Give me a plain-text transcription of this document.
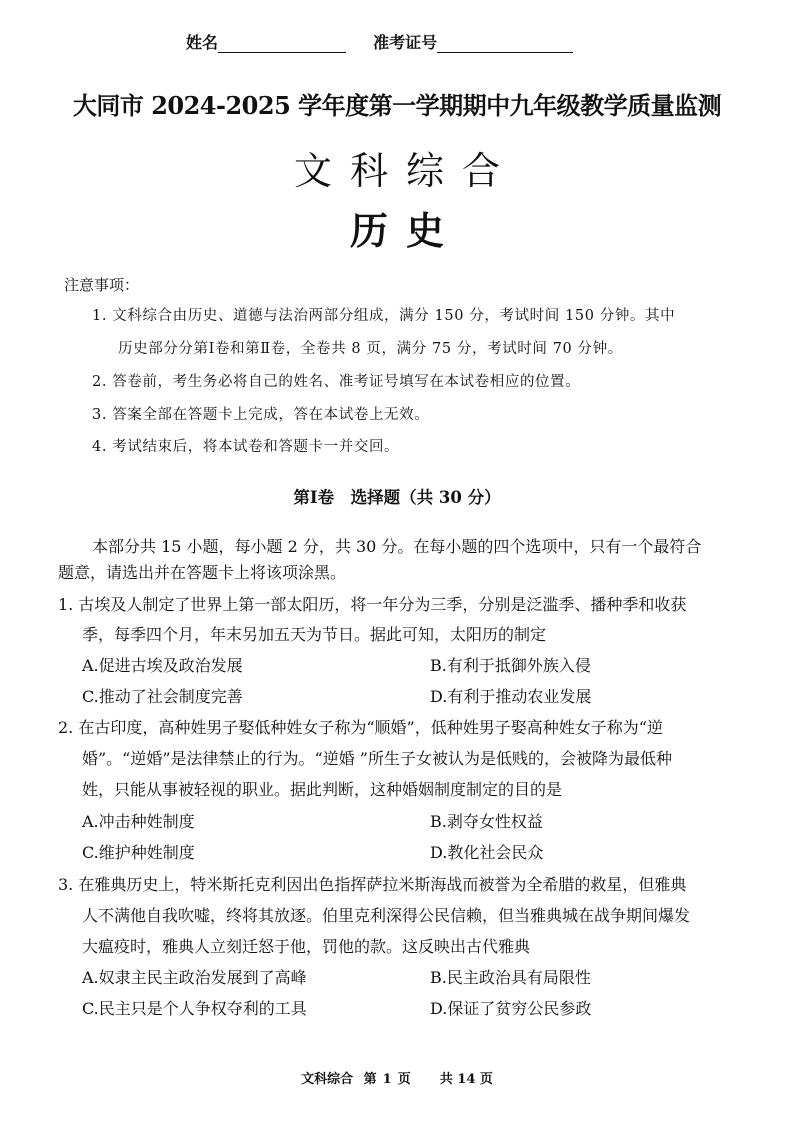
姓名	准考证号
大同市 2024-2025 学年度第一学期期中九年级教学质量监测
文科综合
历史
注意事项：
1. 文科综合由历史、道德与法治两部分组成，满分 150 分，考试时间 150 分钟。其中
历史部分分第Ⅰ卷和第Ⅱ卷，全卷共 8 页，满分 75 分，考试时间 70 分钟。
2. 答卷前，考生务必将自己的姓名、准考证号填写在本试卷相应的位置。
3. 答案全部在答题卡上完成，答在本试卷上无效。
4. 考试结束后，将本试卷和答题卡一并交回。
第Ⅰ卷　选择题（共 30 分）
本部分共 15 小题，每小题 2 分，共 30 分。在每小题的四个选项中，只有一个最符合
题意，请选出并在答题卡上将该项涂黑。
1. 古埃及人制定了世界上第一部太阳历，将一年分为三季，分别是泛滥季、播种季和收获
季，每季四个月，年末另加五天为节日。据此可知，太阳历的制定
A.促进古埃及政治发展	B.有利于抵御外族入侵
C.推动了社会制度完善	D.有利于推动农业发展
2. 在古印度，高种姓男子娶低种姓女子称为“顺婚”，低种姓男子娶高种姓女子称为“逆
婚”。“逆婚”是法律禁止的行为。“逆婚 ”所生子女被认为是低贱的，会被降为最低种
姓，只能从事被轻视的职业。据此判断，这种婚姻制度制定的目的是
A.冲击种姓制度	B.剥夺女性权益
C.维护种姓制度	D.教化社会民众
3. 在雅典历史上，特米斯托克利因出色指挥萨拉米斯海战而被誉为全希腊的救星，但雅典
人不满他自我吹嘘，终将其放逐。伯里克利深得公民信赖，但当雅典城在战争期间爆发
大瘟疫时，雅典人立刻迁怒于他，罚他的款。这反映出古代雅典
A.奴隶主民主政治发展到了高峰	B.民主政治具有局限性
C.民主只是个人争权夺利的工具	D.保证了贫穷公民参政
文科综合 第 1 页 共 14 页
